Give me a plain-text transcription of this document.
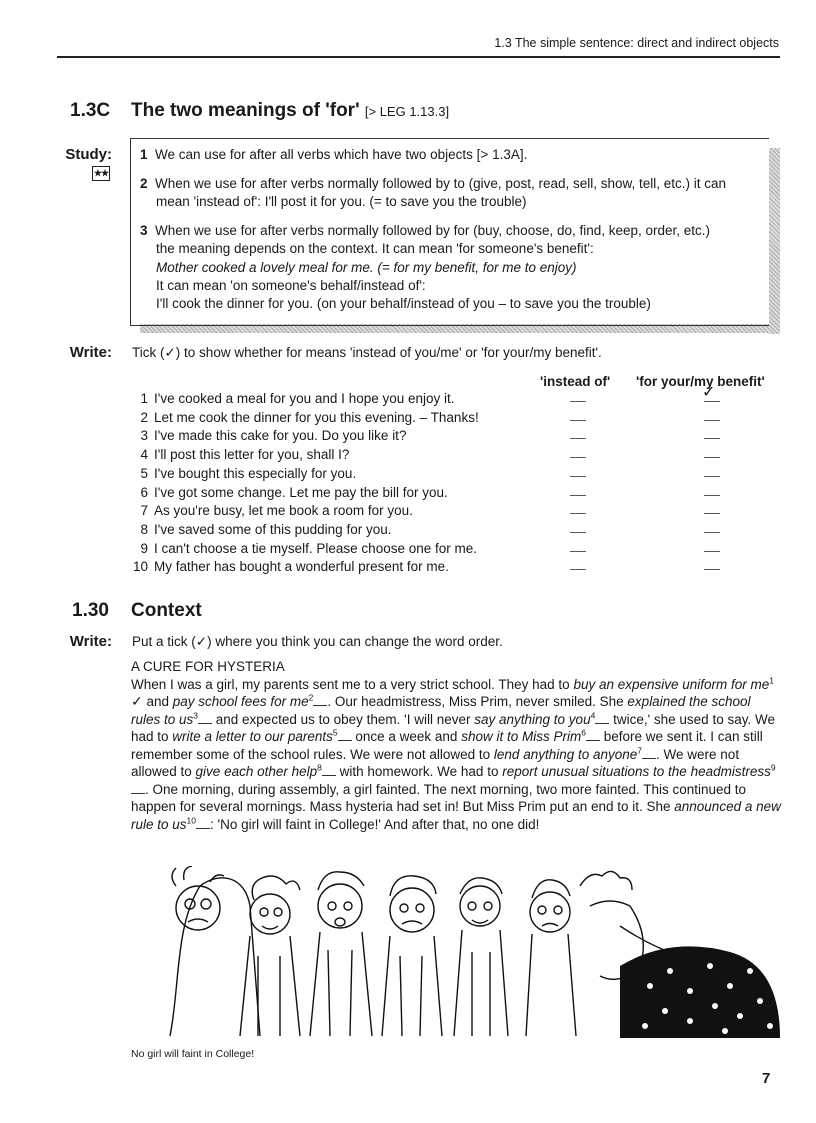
1.3 The simple sentence: direct and indirect objects
1.3C The two meanings of 'for' [> LEG 1.13.3]
Study:
★★
1 We can use for after all verbs which have two objects [> 1.3A].
2 When we use for after verbs normally followed by to (give, post, read, sell, show, tell, etc.) it can
mean 'instead of': I'll post it for you. (= to save you the trouble)
3 When we use for after verbs normally followed by for (buy, choose, do, find, keep, order, etc.)
the meaning depends on the context. It can mean 'for someone's benefit':
Mother cooked a lovely meal for me. (= for my benefit, for me to enjoy)
It can mean 'on someone's behalf/instead of':
I'll cook the dinner for you. (on your behalf/instead of you – to save you the trouble)
Write: Tick (✓) to show whether for means 'instead of you/me' or 'for your/my benefit'.
'instead of' 'for your/my benefit'
1 I've cooked a meal for you and I hope you enjoy it.	✓
2 Let me cook the dinner for you this evening. – Thanks!
3 I've made this cake for you. Do you like it?
4 I'll post this letter for you, shall I?
5 I've bought this especially for you.
6 I've got some change. Let me pay the bill for you.
7 As you're busy, let me book a room for you.
8 I've saved some of this pudding for you.
9 I can't choose a tie myself. Please choose one for me.
10 My father has bought a wonderful present for me.
1.30 Context
Write: Put a tick (✓) where you think you can change the word order.
A CURE FOR HYSTERIA
When I was a girl, my parents sent me to a very strict school. They had to buy an expensive uniform for $me^1$ ✓ and pay school fees for $me^2$ . Our headmistress, Miss Prim, never smiled. She explained the school rules to $us^3$ and expected us to obey them. 'I will never say anything to you$^4$ twice,' she used to say. We had to write a letter to our parents$^5$ once a week and show it to Miss Prim$^6$ before we sent it. I can still remember some of the school rules. We were not allowed to lend anything to anyone$^7$ . We were not allowed to give each other help$^8$ with homework. We had to report unusual situations to the headmistress$^9$. One morning, during assembly, a girl fainted. The next morning, two more fainted. This continued to happen for several mornings. Mass hysteria had set in! But Miss Prim put an end to it. She announced a new rule to $us^{10}$ : 'No girl will faint in College!' And after that, no one did!
No girl will faint in College!
7
